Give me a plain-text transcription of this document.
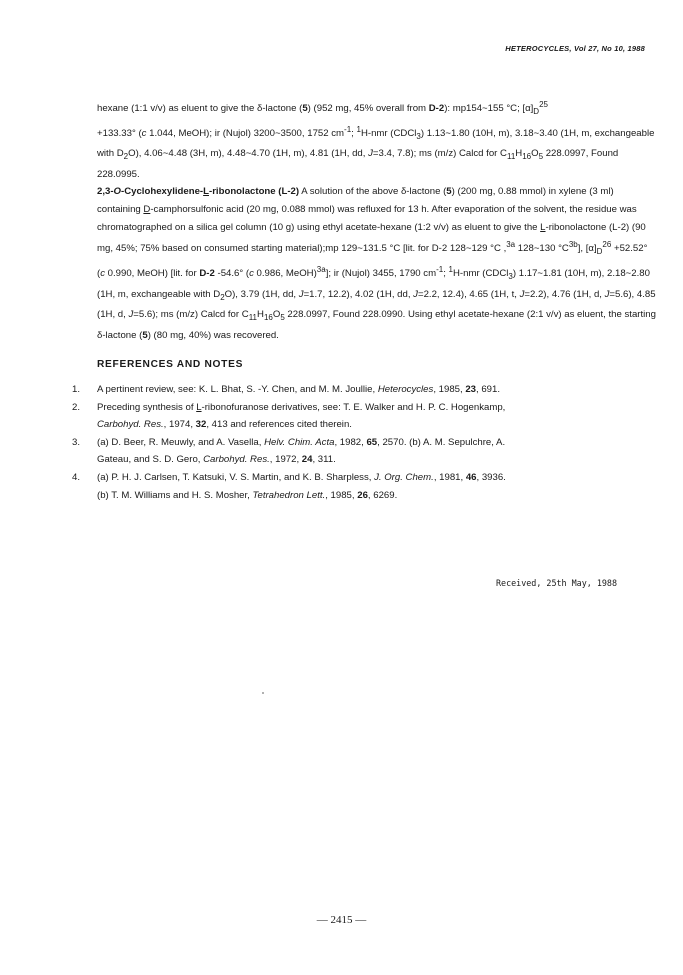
HETEROCYCLES, Vol 27, No 10, 1988

hexane (1:1 v/v) as eluent to give the δ-lactone (5) (952 mg, 45% overall from D-2): mp154~155 °C; $[\alpha]_D^{25}$
+133.33° (c 1.044, MeOH); ir (Nujol) 3200~3500, 1752 $cm^{-1}$; $^1$H-nmr (CDCl$_3$) 1.13~1.80 (10H, m), 3.18~3.40 (1H, m, exchangeable with $D_2O$), 4.06~4.48 (3H, m), 4.48~4.70 (1H, m), 4.81 (1H, dd, J=3.4, 7.8); ms (m/z) Calcd for $C_{11}H_{16}O_5$ 228.0997, Found 228.0995.

2,3-O-Cyclohexylidene-L-ribonolactone (L-2) A solution of the above δ-lactone (5) (200 mg, 0.88 mmol) in xylene (3 ml) containing D-camphorsulfonic acid (20 mg, 0.088 mmol) was refluxed for 13 h. After evaporation of the solvent, the residue was chromatographed on a silica gel column (10 g) using ethyl acetate-hexane (1:2 v/v) as eluent to give the L-ribonolactone (L-2) (90 mg, 45%; 75% based on consumed starting material);mp 129~131.5 °C [lit. for D-2 128~129 °C ,$^{3a}$ 128~130 $^\circ C^{3b}$], $[\alpha]_D^{26} +52.52^\circ$ (c 0.990, MeOH) [lit. for D-2 -54.6° (c 0.986, MeOH)$^{3a}$]; ir (Nujol) 3455, 1790 $cm^{-1}$; $^1$H-nmr (CDCl$_3$) 1.17~1.81 (10H, m), 2.18~2.80 (1H, m, exchangeable with $D_2O$), 3.79 (1H, dd, J=1.7, 12.2), 4.02 (1H, dd, J=2.2, 12.4), 4.65 (1H, t, J=2.2), 4.76 (1H, d, J=5.6), 4.85 (1H, d, J=5.6); ms (m/z) Calcd for $C_{11}H_{16}O_5$ 228.0997, Found 228.0990. Using ethyl acetate-hexane (2:1 v/v) as eluent, the starting δ-lactone (5) (80 mg, 40%) was recovered.

REFERENCES AND NOTES
1. A pertinent review, see: K. L. Bhat, S. -Y. Chen, and M. M. Joullie, Heterocycles, 1985, 23, 691.
2. Preceding synthesis of L-ribonofuranose derivatives, see: T. E. Walker and H. P. C. Hogenkamp,
Carbohyd. Res., 1974, 32, 413 and references cited therein.
3. (a) D. Beer, R. Meuwly, and A. Vasella, Helv. Chim. Acta, 1982, 65, 2570. (b) A. M. Sepulchre, A.
Gateau, and S. D. Gero, Carbohyd. Res., 1972, 24, 311.
4. (a) P. H. J. Carlsen, T. Katsuki, V. S. Martin, and K. B. Sharpless, J. Org. Chem., 1981, 46, 3936.
(b) T. M. Williams and H. S. Mosher, Tetrahedron Lett., 1985, 26, 6269.
Received, 25th May, 1988
— 2415 —
